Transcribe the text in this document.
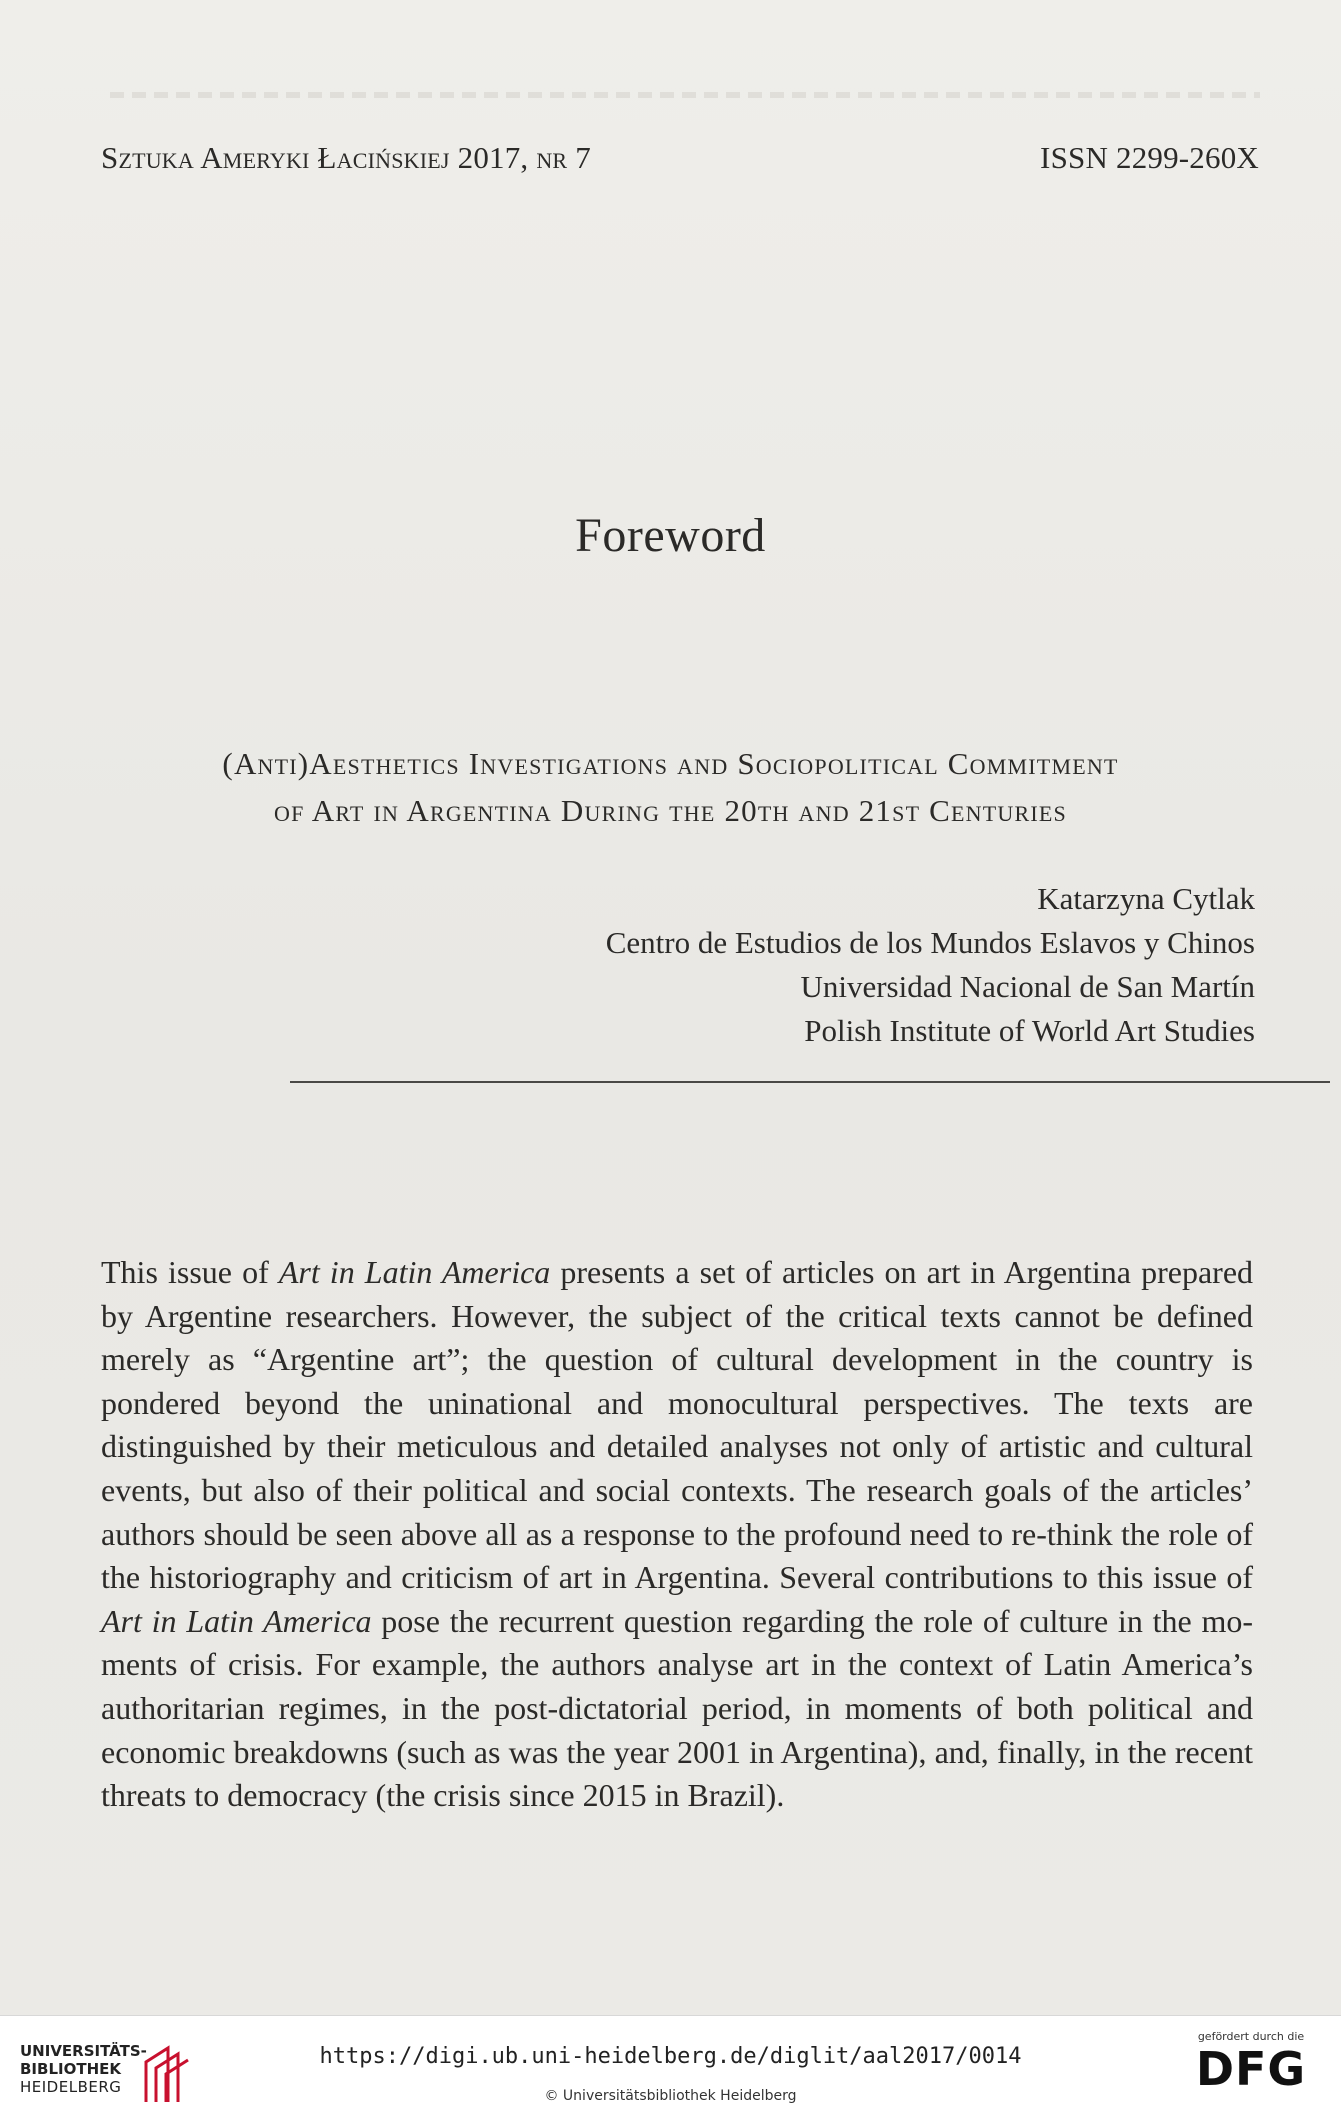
Sztuka Ameryki Łacińskiej 2017, nr 7	ISSN 2299-260X
Foreword
(Anti)Aesthetics Investigations and Sociopolitical Commitment
of Art in Argentina During the 20th and 21st Centuries
Katarzyna Cytlak
Centro de Estudios de los Mundos Eslavos y Chinos
Universidad Nacional de San Martín
Polish Institute of World Art Studies

This issue of Art in Latin America presents a set of articles on art in Argentina prepared by Argentine researchers. However, the subject of the critical texts cannot be defined merely as “Argentine art”; the question of cultural development in the country is pondered beyond the uninational and monocultural perspectives. The texts are distinguished by their meticulous and detailed analyses not only of artistic and cultural events, but also of their political and social contexts. The research goals of the articles’ authors should be seen above all as a response to the profound need to re-think the role of the historiography and criticism of art in Argentina. Several contributions to this issue of Art in Latin America pose the recurrent question regarding the role of culture in the moments of crisis. For example, the authors analyse art in the context of Latin America’s authoritarian regimes, in the post-dictatorial period, in moments of both political and economic breakdowns (such as was the year 2001 in Argentina), and, finally, in the recent threats to democracy (the crisis since 2015 in Brazil).

UNIVERSITÄTS-
BIBLIOTHEK
HEIDELBERG
https://digi.ub.uni-heidelberg.de/diglit/aal2017/0014
© Universitätsbibliothek Heidelberg
gefördert durch die
DFG
